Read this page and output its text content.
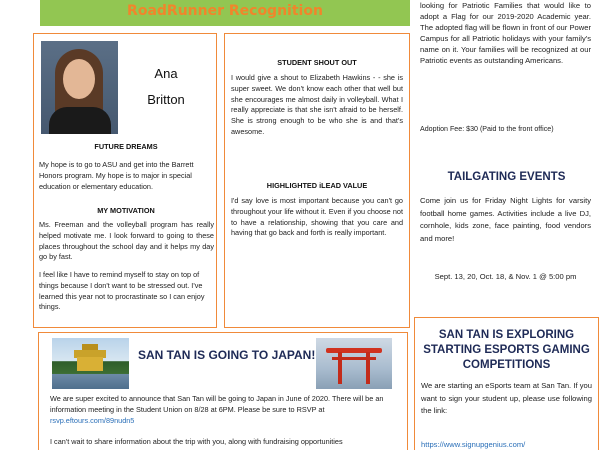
RoadRunner Recognition
Ana
Britton
FUTURE DREAMS
My hope is to go to ASU and get into the Barrett Honors program. My hope is to major in special education or elementary education.
MY MOTIVATION
Ms. Freeman and the volleyball program has really helped motivate me. I look forward to going to these places throughout the school day and it helps my day go by fast.
I feel like I have to remind myself to stay on top of things because I don't want to be stressed out. I've learned this year not to procrastinate so I can enjoy things.
STUDENT SHOUT OUT
I would give a shout to Elizabeth Hawkins - - she is super sweet. We don't know each other that well but she encourages me almost daily in volleyball. What I really appreciate is that she isn't afraid to be herself. She is strong enough to be who she is and that's awesome.
HIGHLIGHTED iLEAD VALUE
I'd say love is most important because you can't go throughout your life without it. Even if you choose not to have a relationship, showing that you care and having that go back and forth is really important.
SAN TAN IS GOING TO JAPAN!
We are super excited to announce that San Tan will be going to Japan in June of 2020. There will be an information meeting in the Student Union on 8/28 at 6PM. Please be sure to RSVP at
rsvp.eftours.com/89nudn5
I can't wait to share information about the trip with you, along with fundraising opportunities
looking for Patriotic Families that would like to adopt a Flag for our 2019-2020 Academic year. The adopted flag will be flown in front of our Power Campus for all Patriotic holidays with your family's name on it. Your families will be recognized at our Patriotic events as outstanding Americans.
Adoption Fee: $30 (Paid to the front office)
TAILGATING EVENTS
Come join us for Friday Night Lights for varsity football home games. Activities include a live DJ, cornhole, kids zone, face painting, food vendors and more!
Sept. 13, 20, Oct. 18, & Nov. 1 @ 5:00 pm
SAN TAN IS EXPLORING STARTING ESPORTS GAMING COMPETITIONS
We are starting an eSports team at San Tan. If you want to sign your student up, please use following the link:
https://www.signupgenius.com/
